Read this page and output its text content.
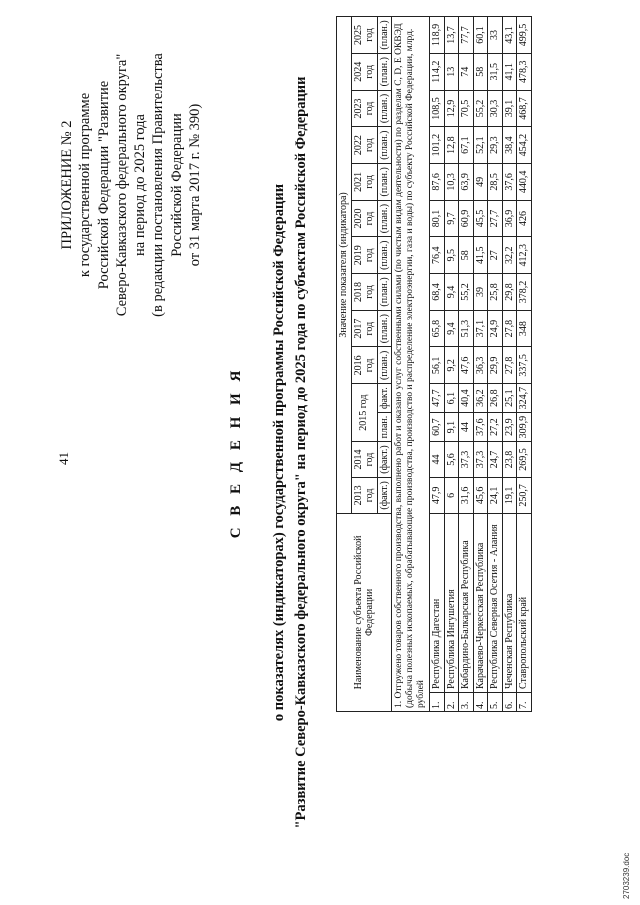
41
ПРИЛОЖЕНИЕ № 2 к государственной программе Российской Федерации "Развитие Северо-Кавказского федерального округа" на период до 2025 года (в редакции постановления Правительства Российской Федерации от 31 марта 2017 г. № 390)
С В Е Д Е Н И Я о показателях (индикаторах) государственной программы Российской Федерации "Развитие Северо-Кавказского федерального округа" на период до 2025 года по субъектам Российской Федерации	Наименование субъекта Российской Федерации		Значение показателя (индикатора)													
		2013 год	2014 год	2015 год		2016 год	2017 год	2018 год	2019 год	2020 год	2021 год	2022 год	2023 год	2024 год	2025 год
		(факт.)	(факт.)	план.	факт.	(план.)	(план.)	(план.)	(план.)	(план.)	(план.)	(план.)	(план.)	(план.)	(план.)
1. Отгружено товаров собственного производства, выполнено работ и оказано услуг собственными силами (по чистым видам деятельности) по разделам C, D, E ОКВЭД (добыча полезных ископаемых, обрабатывающие производства, производство и распределение электроэнергии, газа и воды) по субъекту Российской Федерации, млрд. рублей															
1.	Республика Дагестан	47,9	44	60,7	47,7	56,1	65,8	68,4	76,4	80,1	87,6	101,2	108,5	114,2	118,9
2.	Республика Ингушетия	6	5,6	9,1	6,1	9,2	9,4	9,4	9,5	9,7	10,3	12,8	12,9	13	13,7
3.	Кабардино-Балкарская Республика	31,6	37,3	44	40,4	47,6	51,3	55,2	58	60,9	63,9	67,1	70,5	74	77,7
4.	Карачаево-Черкесская Республика	45,6	37,3	37,6	36,2	36,3	37,1	39	41,5	45,5	49	52,1	55,2	58	60,1
5.	Республика Северная Осетия - Алания	24,1	24,7	27,2	26,8	29,9	24,9	25,8	27	27,7	28,5	29,3	30,3	31,5	33
6.	Чеченская Республика	19,1	23,8	23,9	25,1	27,8	27,8	29,8	32,2	36,9	37,6	38,4	39,1	41,1	43,1
7.	Ставропольский край	250,7	269,5	309,9	324,7	337,5	348	378,2	412,3	426	440,4	454,2	468,7	478,3	499,5
2703239.doc
